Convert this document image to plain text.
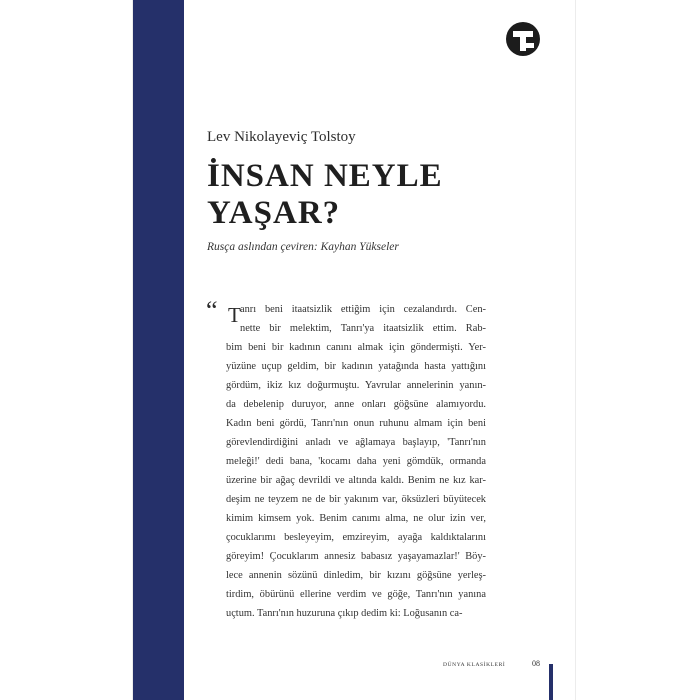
Lev Nikolayeviç Tolstoy
İNSAN NEYLE
YAŞAR?
Rusça aslından çeviren: Kayhan Yükseler
“ T anrı beni itaatsizlik ettiğim için cezalandırdı. Cen-
nette bir melektim, Tanrı'ya itaatsizlik ettim. Rab-
bim beni bir kadının canını almak için göndermişti. Yer-
yüzüne uçup geldim, bir kadının yatağında hasta yattığını
gördüm, ikiz kız doğurmuştu. Yavrular annelerinin yanın-
da debelenip duruyor, anne onları göğsüne alamıyordu.
Kadın beni gördü, Tanrı'nın onun ruhunu almam için beni
görevlendirdiğini anladı ve ağlamaya başlayıp, 'Tanrı'nın
meleği!' dedi bana, 'kocamı daha yeni gömdük, ormanda
üzerine bir ağaç devrildi ve altında kaldı. Benim ne kız kar-
deşim ne teyzem ne de bir yakınım var, öksüzleri büyütecek
kimim kimsem yok. Benim canımı alma, ne olur izin ver,
çocuklarımı besleyeyim, emzireyim, ayağa kaldıktalarını
göreyim! Çocuklarım annesiz babasız yaşayamazlar!' Böy-
lece annenin sözünü dinledim, bir kızını göğsüne yerleş-
tirdim, öbürünü ellerine verdim ve göğe, Tanrı'nın yanına
uçtum. Tanrı'nın huzuruna çıkıp dedim ki: Loğusanın ca-
DÜNYA KLASİKLERİ	08
